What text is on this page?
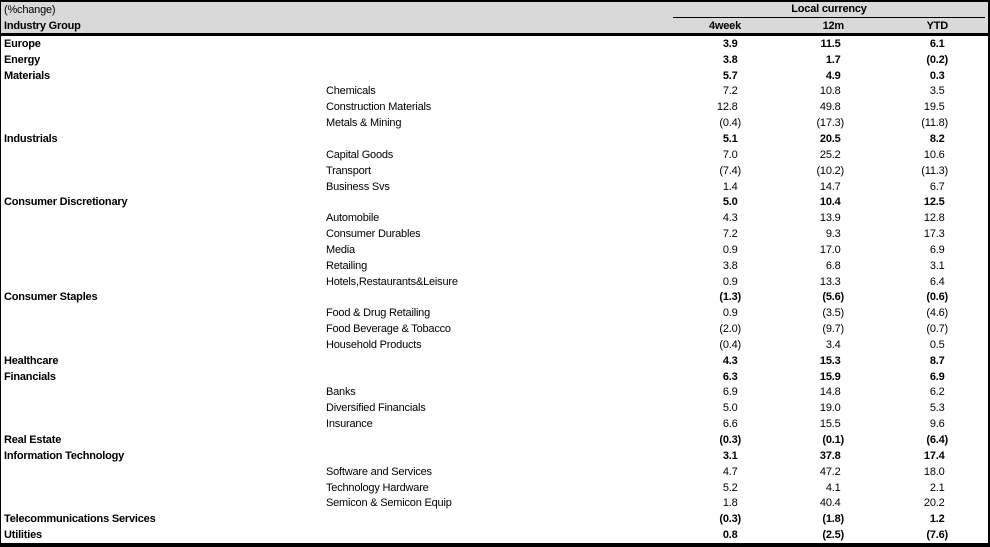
(%change)	Local currency
Industry Group	4week	12m	YTD
Europe	3.9	11.5	6.1
Energy	3.8	1.7	(0.2)
Materials	5.7	4.9	0.3
Chemicals	7.2	10.8	3.5
Construction Materials	12.8	49.8	19.5
Metals & Mining	(0.4)	(17.3)	(11.8)
Industrials	5.1	20.5	8.2
Capital Goods	7.0	25.2	10.6
Transport	(7.4)	(10.2)	(11.3)
Business Svs	1.4	14.7	6.7
Consumer Discretionary	5.0	10.4	12.5
Automobile	4.3	13.9	12.8
Consumer Durables	7.2	9.3	17.3
Media	0.9	17.0	6.9
Retailing	3.8	6.8	3.1
Hotels,Restaurants&Leisure	0.9	13.3	6.4
Consumer Staples	(1.3)	(5.6)	(0.6)
Food & Drug Retailing	0.9	(3.5)	(4.6)
Food Beverage & Tobacco	(2.0)	(9.7)	(0.7)
Household Products	(0.4)	3.4	0.5
Healthcare	4.3	15.3	8.7
Financials	6.3	15.9	6.9
Banks	6.9	14.8	6.2
Diversified Financials	5.0	19.0	5.3
Insurance	6.6	15.5	9.6
Real Estate	(0.3)	(0.1)	(6.4)
Information Technology	3.1	37.8	17.4
Software and Services	4.7	47.2	18.0
Technology Hardware	5.2	4.1	2.1
Semicon & Semicon Equip	1.8	40.4	20.2
Telecommunications Services	(0.3)	(1.8)	1.2
Utilities	0.8	(2.5)	(7.6)
